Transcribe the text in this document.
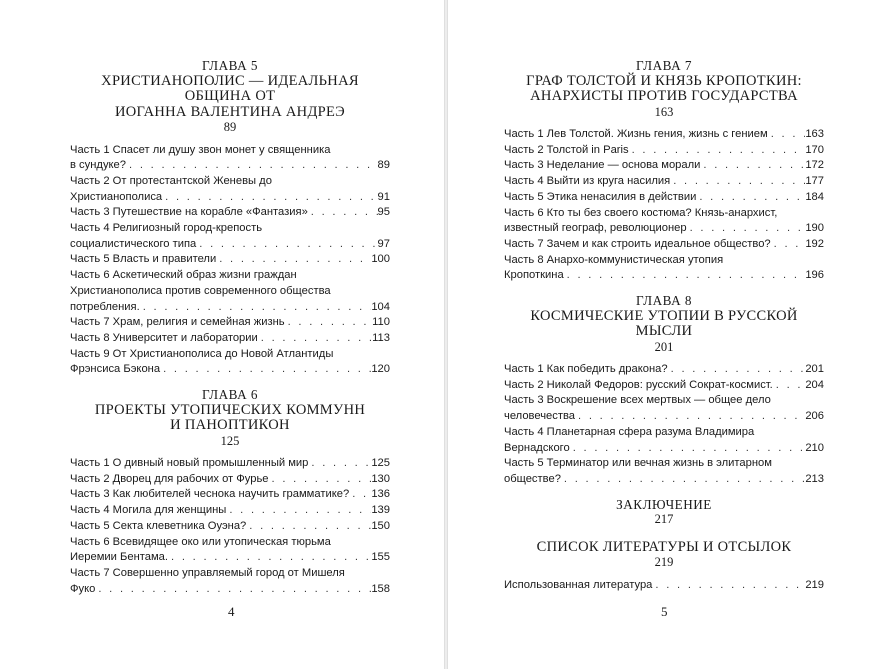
ГЛАВА 5
ХРИСТИАНОПОЛИС — ИДЕАЛЬНАЯ ОБЩИНА ОТ
ИОГАННА ВАЛЕНТИНА АНДРЕЭ
89
Часть 1 Спасет ли душу звон монет у священника
в сундуке? . . .	89
Часть 2 От протестантской Женевы до
Христианополиса . . .	91
Часть 3 Путешествие на корабле «Фантазия» . . .	95
Часть 4 Религиозный город-крепость
социалистического типа . . .	97
Часть 5 Власть и правители . . .	100
Часть 6 Аскетический образ жизни граждан
Христианополиса против современного общества
потребления. . . .	104
Часть 7 Храм, религия и семейная жизнь . . .	110
Часть 8 Университет и лаборатории . . .	113
Часть 9 От Христианополиса до Новой Атлантиды
Фрэнсиса Бэкона . . .	120
ГЛАВА 6
ПРОЕКТЫ УТОПИЧЕСКИХ КОММУНН
И ПАНОПТИКОН
125
Часть 1 О дивный новый промышленный мир . . .	125
Часть 2 Дворец для рабочих от Фурье . . .	130
Часть 3 Как любителей чеснока научить грамматике? . . . 136
Часть 4 Могила для женщины . . .	139
Часть 5 Секта клеветника Оуэна? . . .	150
Часть 6 Всевидящее око или утопическая тюрьма
Иеремии Бентама. . . .	155
Часть 7 Совершенно управляемый город от Мишеля
Фуко . . .	158
4
ГЛАВА 7
ГРАФ ТОЛСТОЙ И КНЯЗЬ КРОПОТКИН:
АНАРХИСТЫ ПРОТИВ ГОСУДАРСТВА
163
Часть 1 Лев Толстой. Жизнь гения, жизнь с гением . . .	163
Часть 2 Толстой in Paris . . .	170
Часть 3 Неделание — основа морали . . .	172
Часть 4 Выйти из круга насилия . . .	177
Часть 5 Этика ненасилия в действии . . .	184
Часть 6 Кто ты без своего костюма? Князь-анархист,
известный географ, революционер . . .	190
Часть 7 Зачем и как строить идеальное общество? . . .	192
Часть 8 Анархо-коммунистическая утопия
Кропоткина . . .	196
ГЛАВА 8
КОСМИЧЕСКИЕ УТОПИИ В РУССКОЙ МЫСЛИ
201
Часть 1 Как победить дракона? . . .	201
Часть 2 Николай Федоров: русский Сократ-космист. . . .	204
Часть 3 Воскрешение всех мертвых — общее дело
человечества . . .	206
Часть 4 Планетарная сфера разума Владимира
Вернадского . . .	210
Часть 5 Терминатор или вечная жизнь в элитарном
обществе? . . .	213
ЗАКЛЮЧЕНИЕ
217
СПИСОК ЛИТЕРАТУРЫ И ОТСЫЛОК
219
Использованная литература . . .	219
5
